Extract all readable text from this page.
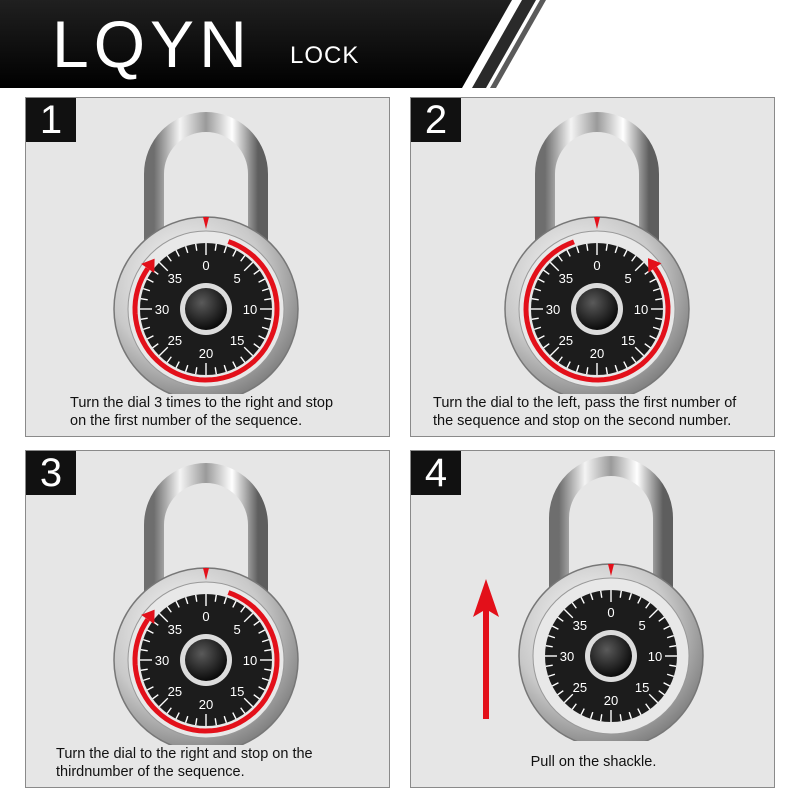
LQYN LOCK
1
0
5
10
15
20
25
30
35
Turn the dial 3 times to the right and stop
on the first number of the sequence.
2
0
5
10
15
20
25
30
35
Turn the dial to the left, pass the first number of
the sequence and stop on the second number.
3
0
5
10
15
20
25
30
35
Turn the dial to the right and stop on the
thirdnumber of the sequence.
4
0
5
10
15
20
25
30
35
Pull on the shackle.
